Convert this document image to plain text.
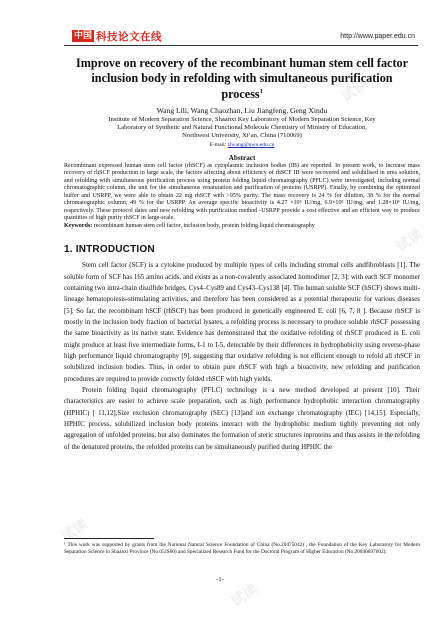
中国 科技论文在线	http://www.paper.edu.cn
试读
试读
试读
试读
试读
试读
Improve on recovery of the recombinant human stem cell factor inclusion body in refolding with simultaneous purification process$^1$
Wang Lili, Wang Chaozhan, Liu Jiangfeng, Geng Xindu
Institute of Modern Separation Science, Shaanxi Key Laboratory of Modern Separation Science, Key
Laboratory of Synthetic and Natural Functional Molecule Chemistry of Ministry of Education,
Northwest University, Xi’an, China (710069)
E-mail: lJwang@nwu.edu.cn
Abstract
Recombinant expressed human stem cell factor (rhSCF) as cytoplasmic inclusion bodies (IB) are reported. In present work, to increase mass recovery of rhSCF production in large scale, the factors affecting about efficiency of rhSCF IB were recovered and solubilised in urea solution, and refolding with simultaneous purification process using protein folding liquid chromatography (PFLC) were investigated, including normal chromatographic column, the unit for the simultaneous renaturation and purification of proteins (USRPP). Finally, by combining the optimized buffer and USRPP, we were able to obtain 22 mg rhSCF with >95% purity. The mass recovery is 24 % for dilution, 38 % for the normal chromatographic column, 49 % for the USRPP. An average specific bioactivity is 4.27 ×10⁵ IU/mg, 6.9×10⁵ IU/mg, and 1.28×10⁶ IU/mg, respectively. These protocol dates and new refolding with purification method -USRPP provide a cost effective and an efficient way to produce quantities of high purity rhSCF in large-scale.
Keywords: recombinant human stem cell factor, inclusion body, protein folding liquid chromatography
1. INTRODUCTION
Stem cell factor (SCF) is a cytokine produced by multiple types of cells including stromal cells andfibroblasts [1]. The soluble form of SCF has 165 amino acids, and exists as a non-covalently associated homodimer [2, 3]; with each SCF monomer containing two intra-chain disulfide bridges, Cys4–Cys89 and Cys43–Cys138 [4]. The human soluble SCF (hSCF) shows multi-lineage hematopoiesis-stimulating activities, and therefore has been considered as a potential therapeutic for various diseases [5]. So far, the recombinant hSCF (rhSCF) has been produced in genetically engineered E. coli [6, 7, 8 ]. Because rhSCF is mostly in the inclusion body fraction of bacterial lysates, a refolding process is necessary to produce soluble rhSCF possessing the same bioactivity as its native state. Evidence has demonstrated that the oxidative refolding of rhSCF produced in E. coli might produce at least five intermediate forms, I-1 to I-5, detectable by their differences in hydrophobicity using reverse-phase high performance liquid chromatography [9], suggesting that oxidative refolding is not efficient enough to refold all rhSCF in solubilized inclusion bodies. Thus, in order to obtain pure rhSCF with high a bioactivity, new refolding and purification procedures are required to provide correctly folded rhSCF with high yields.
Protein folding liquid chromatography (PFLC) technology is a new method developed at present [10]. Their characteristics are easier to achieve scale preparation, such as high performance hydrophobic interaction chromatography (HPHIC) [ 11,12],Size exclusion chromatography (SEC) [13]and ion exchange chromatography (IEC) [14,15]. Especially, HPHIC process, solubilized inclusion body proteins interact with the hydrophobic medium tightly preventing not only aggregation of unfolded proteins, but also dominates the formation of steric structures inproteins and thus assists in the refolding of the denatured proteins, the refolded proteins can be simultaneously purified during HPHIC the
¹ This work was supported by grants from the National Natural Science Foundation of China (No.20475042) , the Foundation of the Key Laboratory for Modern Separation Science in Shaanxi Province (No.05JS60) and Specialized Research Fund for the Doctoral Program of Higher Education (No.20040697002).
-1-
